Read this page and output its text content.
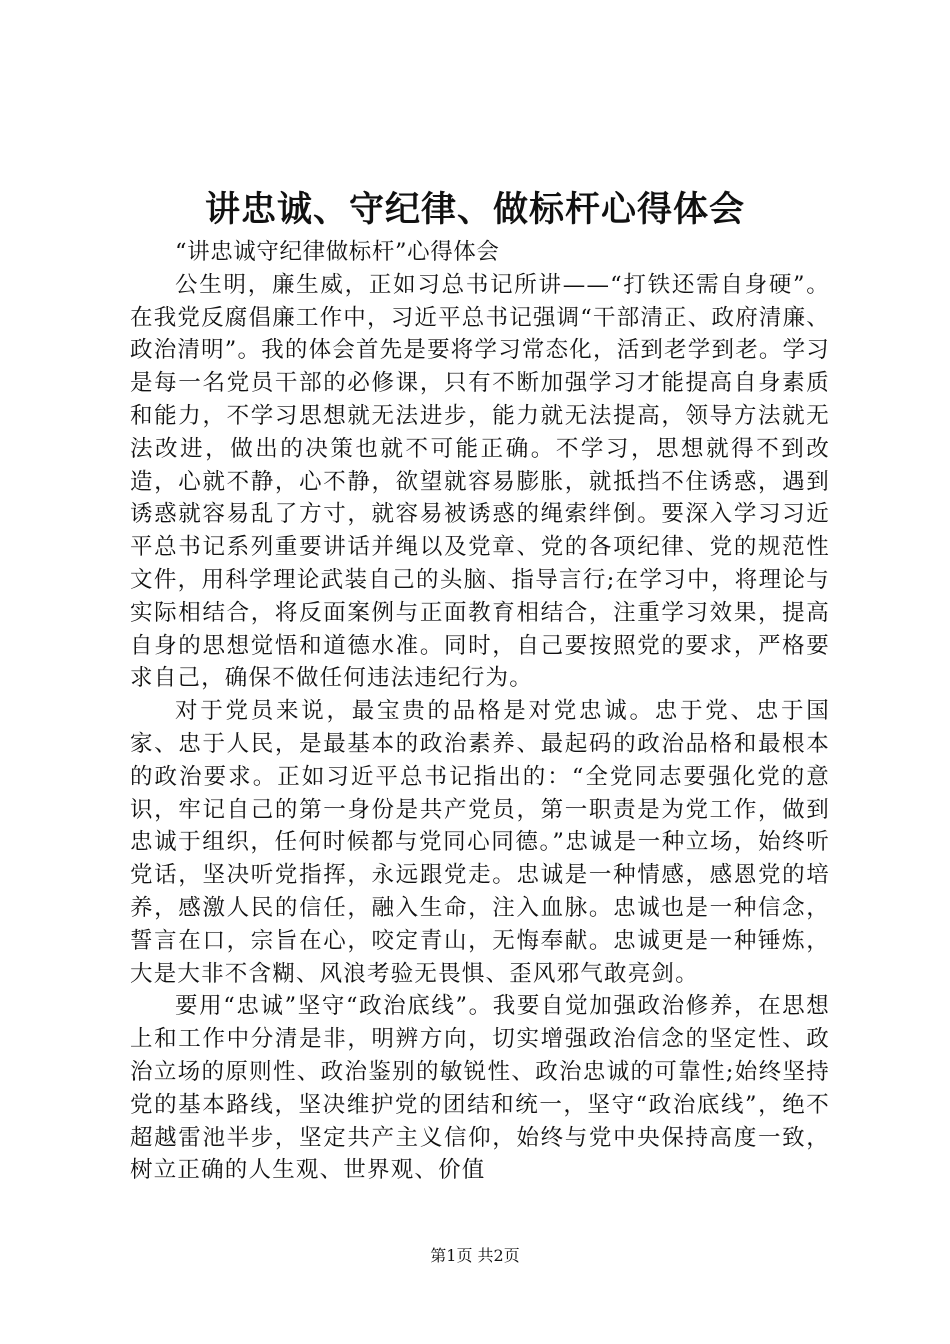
讲忠诚、守纪律、做标杆心得体会

“讲忠诚守纪律做标杆”心得体会

公生明，廉生威，正如习总书记所讲——“打铁还需自身硬”。在我党反腐倡廉工作中，习近平总书记强调“干部清正、政府清廉、政治清明”。我的体会首先是要将学习常态化，活到老学到老。学习是每一名党员干部的必修课，只有不断加强学习才能提高自身素质和能力，不学习思想就无法进步，能力就无法提高，领导方法就无法改进，做出的决策也就不可能正确。不学习，思想就得不到改造，心就不静，心不静，欲望就容易膨胀，就抵挡不住诱惑，遇到诱惑就容易乱了方寸，就容易被诱惑的绳索绊倒。要深入学习习近平总书记系列重要讲话并绳以及党章、党的各项纪律、党的规范性文件，用科学理论武装自己的头脑、指导言行;在学习中，将理论与实际相结合，将反面案例与正面教育相结合，注重学习效果，提高自身的思想觉悟和道德水准。同时，自己要按照党的要求，严格要求自己，确保不做任何违法违纪行为。

对于党员来说，最宝贵的品格是对党忠诚。忠于党、忠于国家、忠于人民，是最基本的政治素养、最起码的政治品格和最根本的政治要求。正如习近平总书记指出的：“全党同志要强化党的意识，牢记自己的第一身份是共产党员，第一职责是为党工作，做到忠诚于组织，任何时候都与党同心同德。”忠诚是一种立场，始终听党话，坚决听党指挥，永远跟党走。忠诚是一种情感，感恩党的培养，感激人民的信任，融入生命，注入血脉。忠诚也是一种信念，誓言在口，宗旨在心，咬定青山，无悔奉献。忠诚更是一种锤炼，大是大非不含糊、风浪考验无畏惧、歪风邪气敢亮剑。

要用“忠诚”坚守“政治底线”。我要自觉加强政治修养，在思想上和工作中分清是非，明辨方向，切实增强政治信念的坚定性、政治立场的原则性、政治鉴别的敏锐性、政治忠诚的可靠性;始终坚持党的基本路线，坚决维护党的团结和统一，坚守“政治底线”，绝不超越雷池半步，坚定共产主义信仰，始终与党中央保持高度一致，树立正确的人生观、世界观、价值

第1页 共2页
